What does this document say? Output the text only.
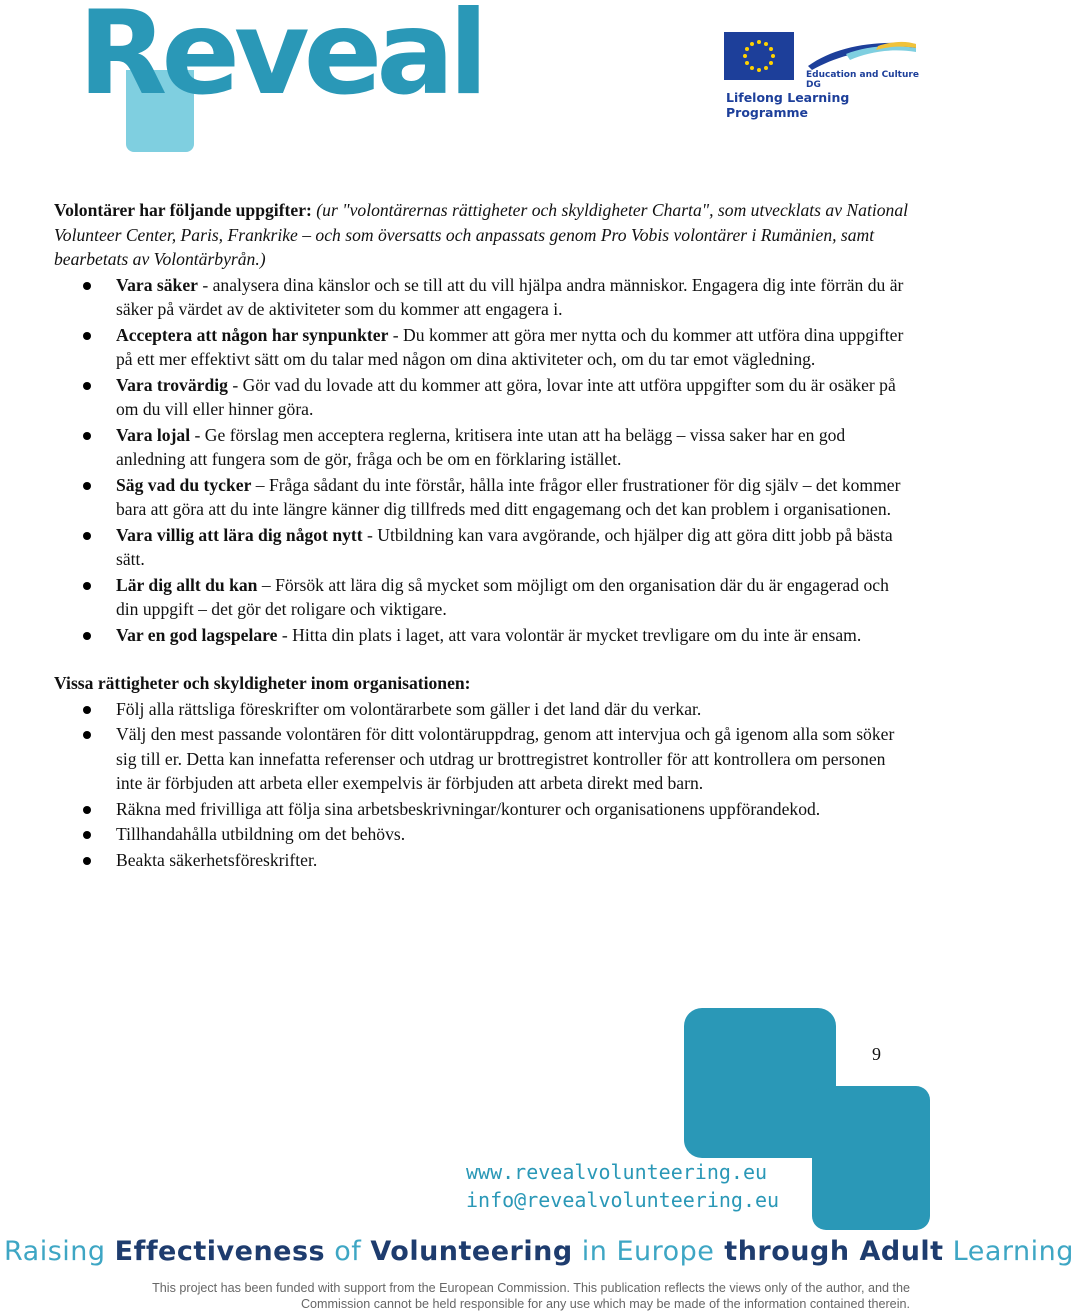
Reveal	Education and Culture DG
Lifelong Learning Programme

Volontärer har följande uppgifter: (ur "volontärernas rättigheter och skyldigheter Charta", som utvecklats av National Volunteer Center, Paris, Frankrike – och som översatts och anpassats genom Pro Vobis volontärer i Rumänien, samt bearbetats av Volontärbyrån.)

Vara säker - analysera dina känslor och se till att du vill hjälpa andra människor. Engagera dig inte förrän du är säker på värdet av de aktiviteter som du kommer att engagera i.
Acceptera att någon har synpunkter - Du kommer att göra mer nytta och du kommer att utföra dina uppgifter på ett mer effektivt sätt om du talar med någon om dina aktiviteter och, om du tar emot vägledning.
Vara trovärdig - Gör vad du lovade att du kommer att göra, lovar inte att utföra uppgifter som du är osäker på om du vill eller hinner göra.
Vara lojal - Ge förslag men acceptera reglerna, kritisera inte utan att ha belägg – vissa saker har en god anledning att fungera som de gör, fråga och be om en förklaring istället.
Säg vad du tycker – Fråga sådant du inte förstår, hålla inte frågor eller frustrationer för dig själv – det kommer bara att göra att du inte längre känner dig tillfreds med ditt engagemang och det kan problem i organisationen.
Vara villig att lära dig något nytt - Utbildning kan vara avgörande, och hjälper dig att göra ditt jobb på bästa sätt.
Lär dig allt du kan – Försök att lära dig så mycket som möjligt om den organisation där du är engagerad och din uppgift – det gör det roligare och viktigare.
Var en god lagspelare - Hitta din plats i laget, att vara volontär är mycket trevligare om du inte är ensam.
Vissa rättigheter och skyldigheter inom organisationen:
Följ alla rättsliga föreskrifter om volontärarbete som gäller i det land där du verkar.
Välj den mest passande volontären för ditt volontäruppdrag, genom att intervjua och gå igenom alla som söker sig till er. Detta kan innefatta referenser och utdrag ur brottregistret kontroller för att kontrollera om personen inte är förbjuden att arbeta eller exempelvis är förbjuden att arbeta direkt med barn.
Räkna med frivilliga att följa sina arbetsbeskrivningar/konturer och organisationens uppförandekod.
Tillhandahålla utbildning om det behövs.
Beakta säkerhetsföreskrifter.
9
www.revealvolunteering.eu
info@revealvolunteering.eu
Raising Effectiveness of Volunteering in Europe through Adult Learning
This project has been funded with support from the European Commission. This publication reflects the views only of the author, and the
Commission cannot be held responsible for any use which may be made of the information contained therein.
